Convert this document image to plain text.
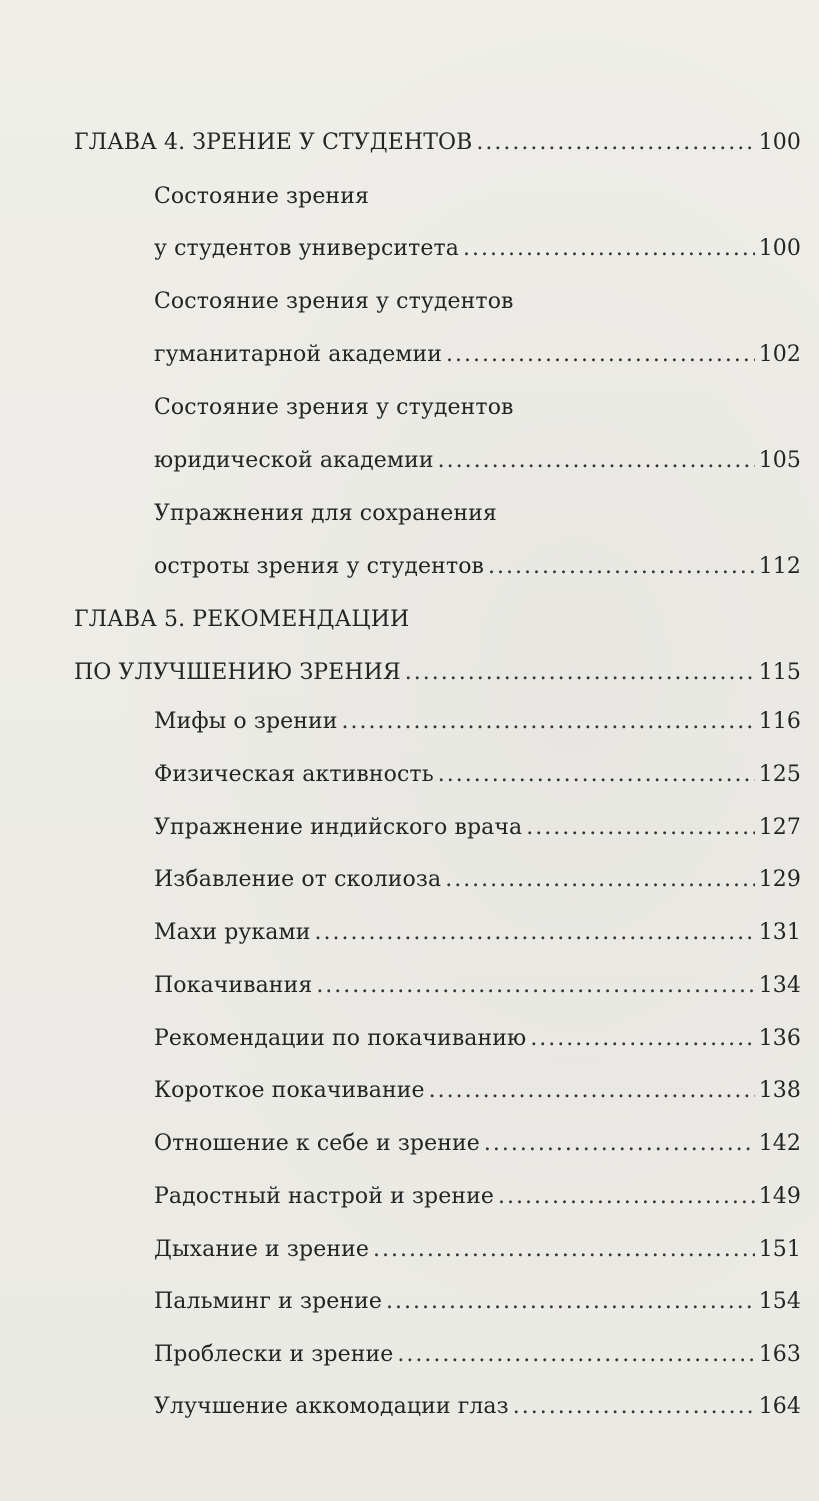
ГЛАВА 4. ЗРЕНИЕ У СТУДЕНТОВ .....	100
Состояние зрения
у студентов университета .....	100
Состояние зрения у студентов
гуманитарной академии .....	102
Состояние зрения у студентов
юридической академии .....	105
Упражнения для сохранения
остроты зрения у студентов .....	112
ГЛАВА 5. РЕКОМЕНДАЦИИ
ПО УЛУЧШЕНИЮ ЗРЕНИЯ .....	115
Мифы о зрении .....	116
Физическая активность .....	125
Упражнение индийского врача .....	127
Избавление от сколиоза .....	129
Махи руками .....	131
Покачивания .....	134
Рекомендации по покачиванию .....	136
Короткое покачивание .....	138
Отношение к себе и зрение .....	142
Радостный настрой и зрение .....	149
Дыхание и зрение .....	151
Пальминг и зрение .....	154
Проблески и зрение .....	163
Улучшение аккомодации глаз .....	164
